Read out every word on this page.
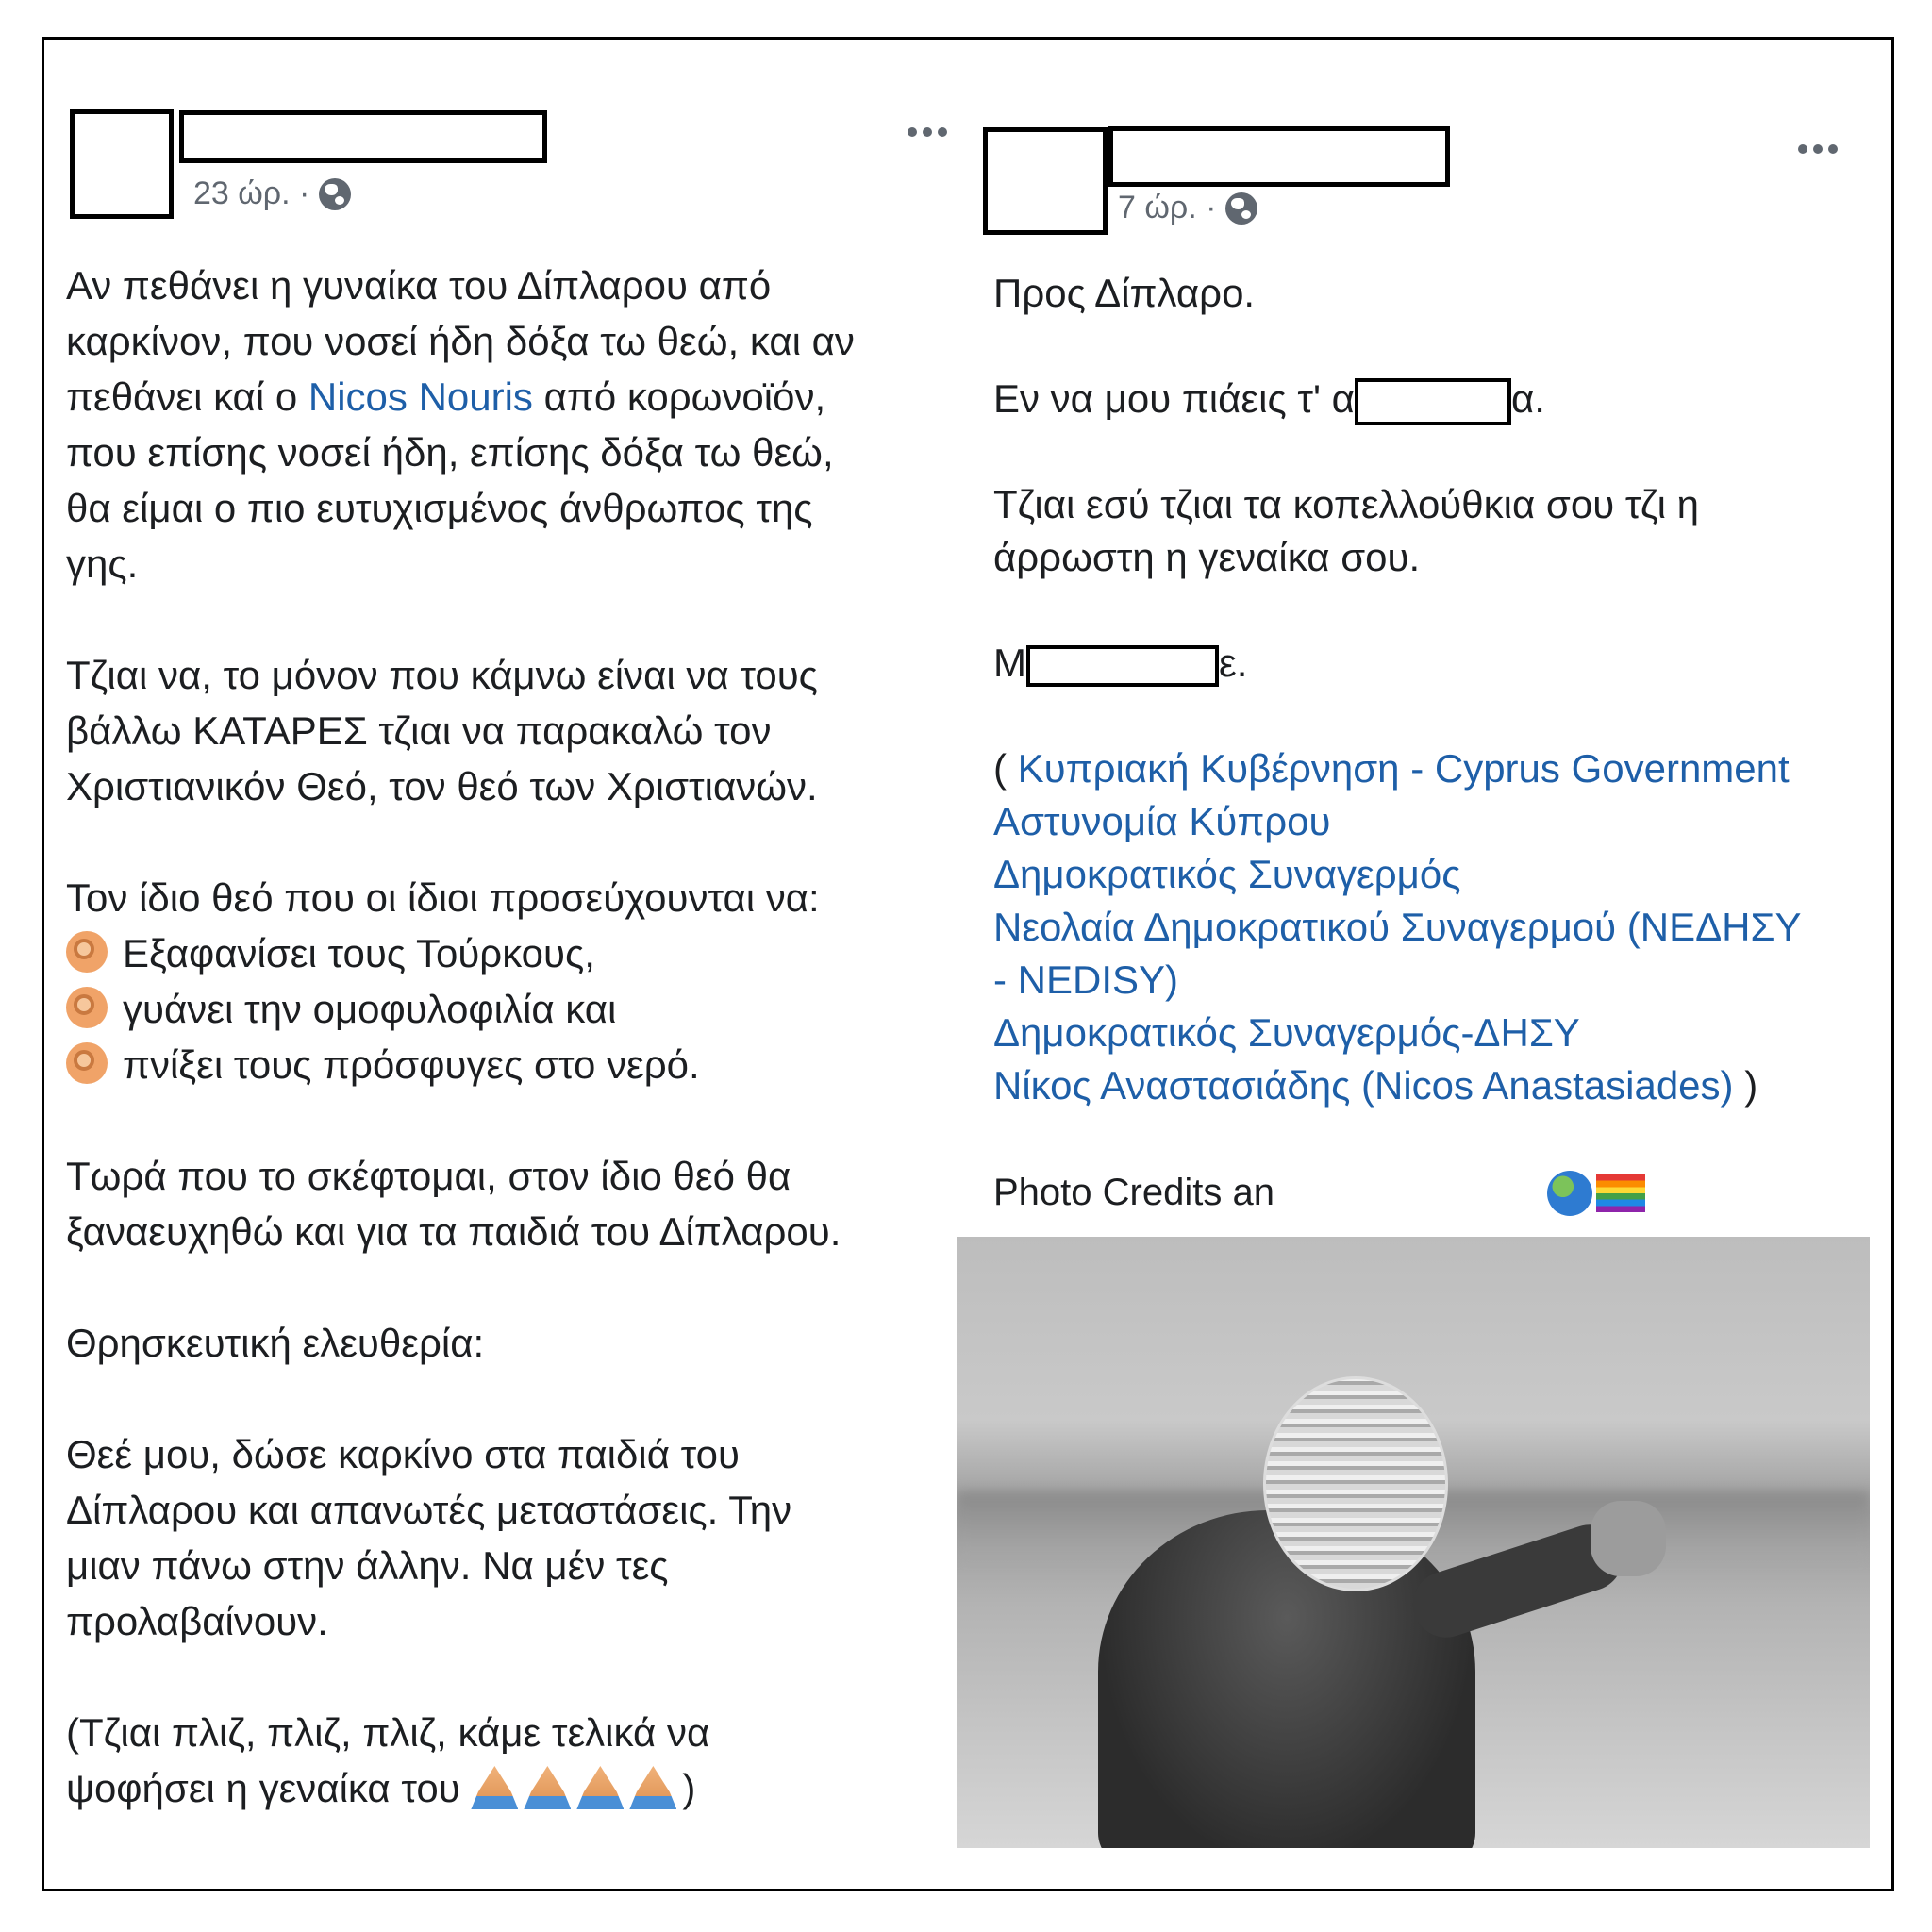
23 ώρ. ·
Αν πεθάνει η γυναίκα του Δίπλαρου από
καρκίνον, που νοσεί ήδη δόξα τω θεώ, και αν
πεθάνει καί ο Nicos Nouris από κορωνοϊόν,
που επίσης νοσεί ήδη, επίσης δόξα τω θεώ,
θα είμαι ο πιο ευτυχισμένος άνθρωπος της
γης.
Τζιαι να, το μόνον που κάμνω είναι να τους
βάλλω ΚΑΤΑΡΕΣ τζιαι να παρακαλώ τον
Χριστιανικόν Θεό, τον θεό των Χριστιανών.
Τον ίδιο θεό που οι ίδιοι προσεύχουνται να:
Εξαφανίσει τους Τούρκους,
γυάνει την ομοφυλοφιλία και
πνίξει τους πρόσφυγες στο νερό.
Τωρά που το σκέφτομαι, στον ίδιο θεό θα
ξαναευχηθώ και για τα παιδιά του Δίπλαρου.
Θρησκευτική ελευθερία:
Θεέ μου, δώσε καρκίνο στα παιδιά του
Δίπλαρου και απανωτές μεταστάσεις. Την
μιαν πάνω στην άλλην. Να μέν τες
προλαβαίνουν.
(Τζιαι πλιζ, πλιζ, πλιζ, κάμε τελικά να
ψοφήσει η γεναίκα του	)
7 ώρ. ·
Προς Δίπλαρο.
Εν να μου πιάεις τ' α	α.
Τζιαι εσύ τζιαι τα κοπελλούθκια σου τζι η
άρρωστη η γεναίκα σου.
Μ	ε.
( Κυπριακή Κυβέρνηση - Cyprus Government
Αστυνομία Κύπρου
Δημοκρατικός Συναγερμός
Νεολαία Δημοκρατικού Συναγερμού (ΝΕΔΗΣΥ
- NEDISY)
Δημοκρατικός Συναγερμός-ΔΗΣΥ
Νίκος Αναστασιάδης (Nicos Anastasiades) )
Photo Credits an
